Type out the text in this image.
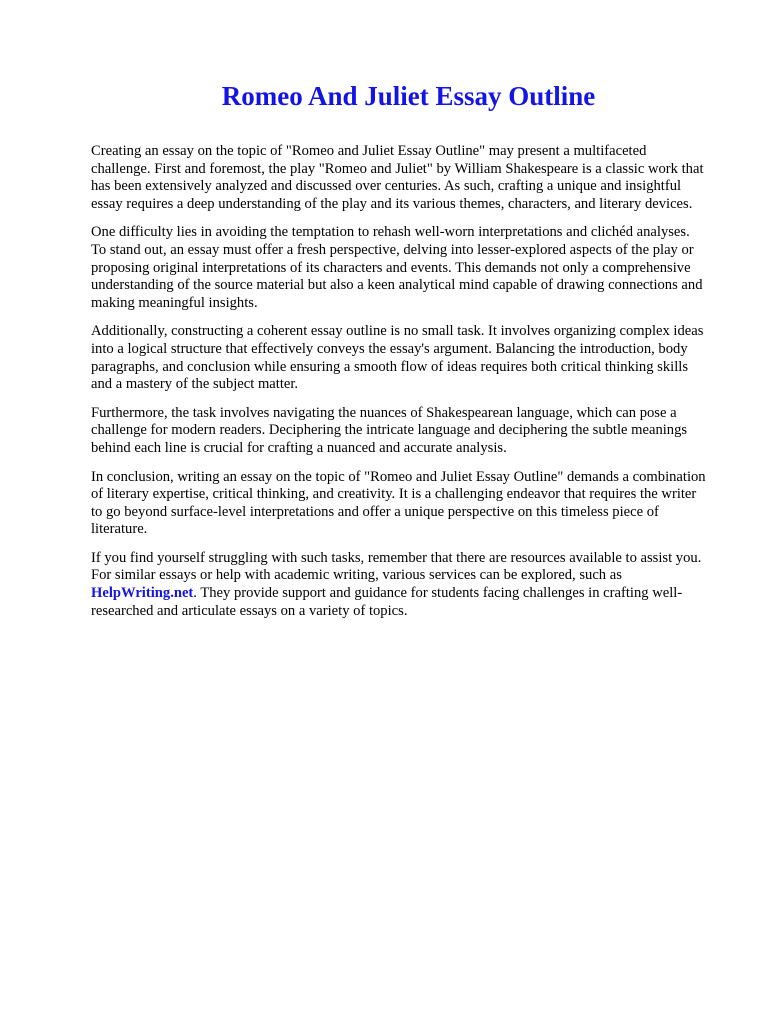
Romeo And Juliet Essay Outline

Creating an essay on the topic of "Romeo and Juliet Essay Outline" may present a multifaceted challenge. First and foremost, the play "Romeo and Juliet" by William Shakespeare is a classic work that has been extensively analyzed and discussed over centuries. As such, crafting a unique and insightful essay requires a deep understanding of the play and its various themes, characters, and literary devices.

One difficulty lies in avoiding the temptation to rehash well-worn interpretations and clichéd analyses. To stand out, an essay must offer a fresh perspective, delving into lesser-explored aspects of the play or proposing original interpretations of its characters and events. This demands not only a comprehensive understanding of the source material but also a keen analytical mind capable of drawing connections and making meaningful insights.

Additionally, constructing a coherent essay outline is no small task. It involves organizing complex ideas into a logical structure that effectively conveys the essay's argument. Balancing the introduction, body paragraphs, and conclusion while ensuring a smooth flow of ideas requires both critical thinking skills and a mastery of the subject matter.

Furthermore, the task involves navigating the nuances of Shakespearean language, which can pose a challenge for modern readers. Deciphering the intricate language and deciphering the subtle meanings behind each line is crucial for crafting a nuanced and accurate analysis.

In conclusion, writing an essay on the topic of "Romeo and Juliet Essay Outline" demands a combination of literary expertise, critical thinking, and creativity. It is a challenging endeavor that requires the writer to go beyond surface-level interpretations and offer a unique perspective on this timeless piece of literature.

If you find yourself struggling with such tasks, remember that there are resources available to assist you. For similar essays or help with academic writing, various services can be explored, such as HelpWriting.net. They provide support and guidance for students facing challenges in crafting well-researched and articulate essays on a variety of topics.
